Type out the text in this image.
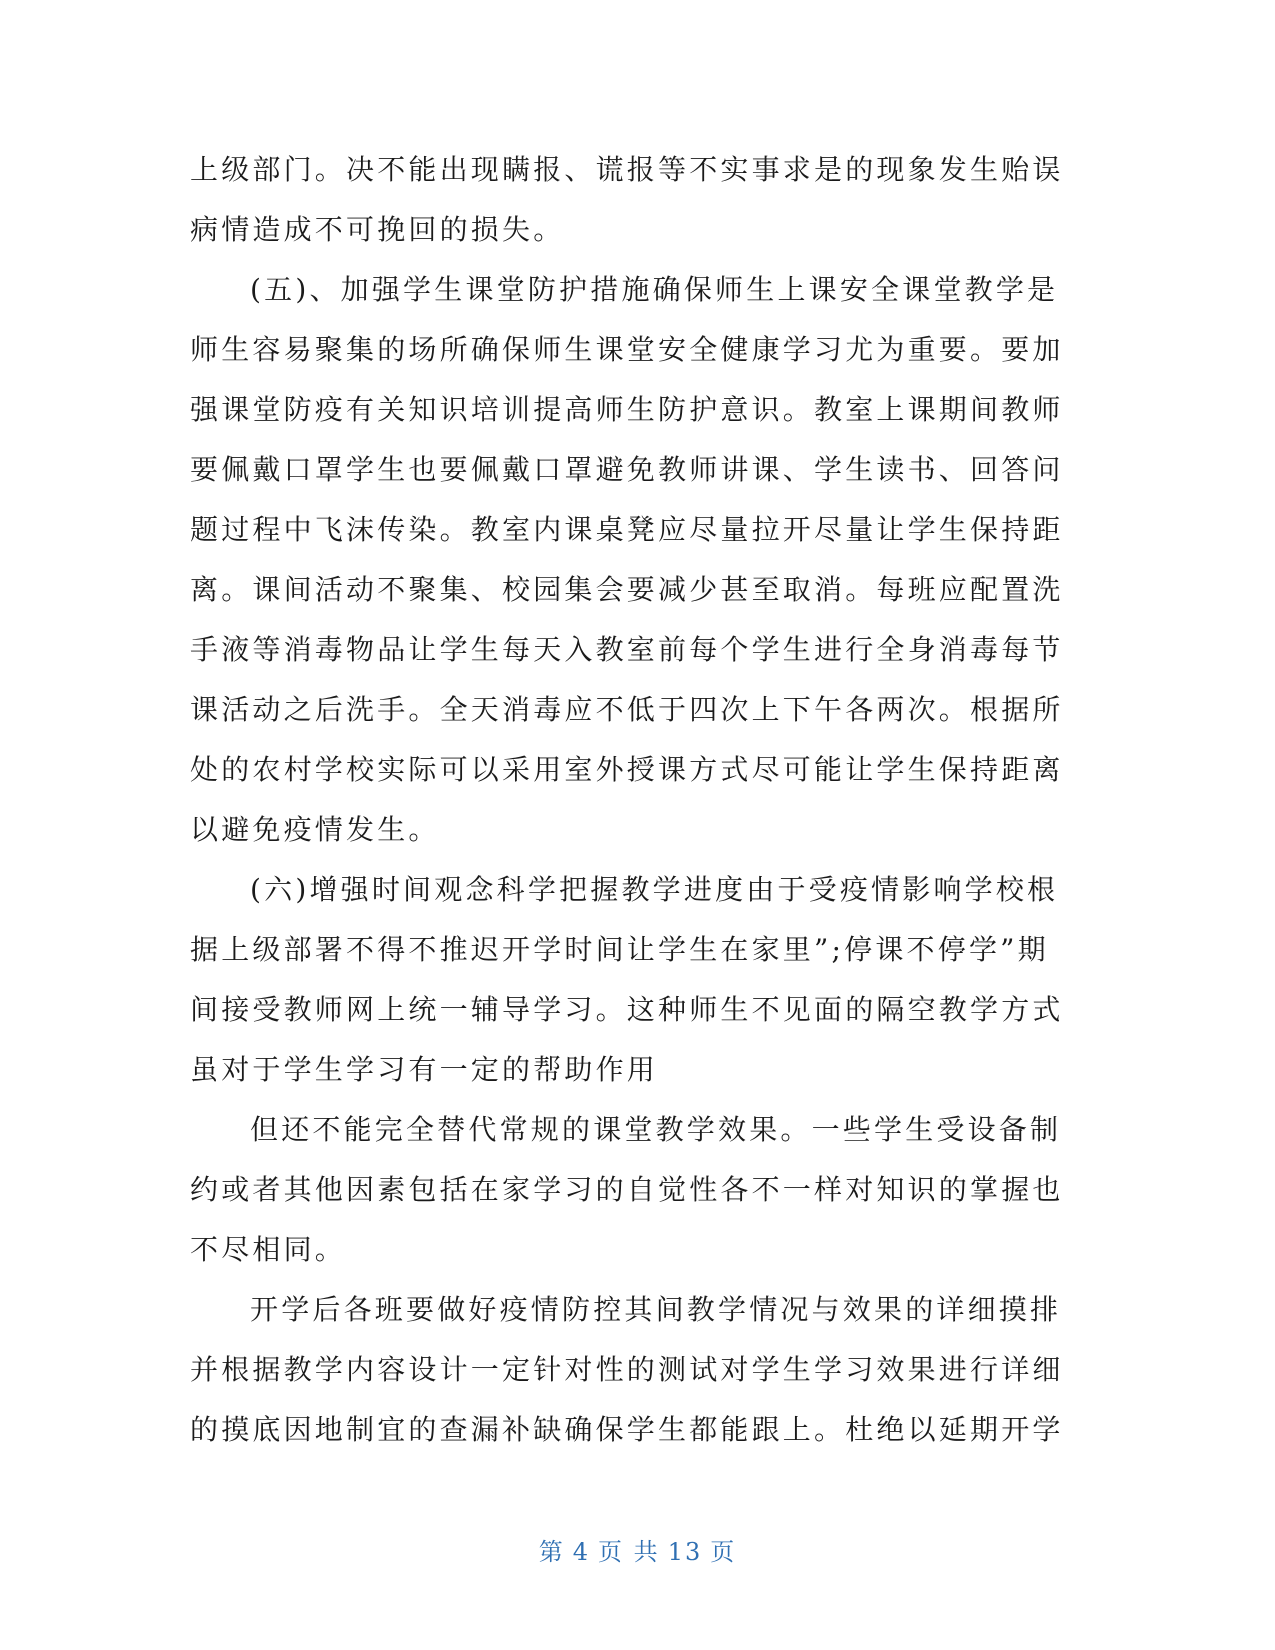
上级部门。决不能出现瞒报、谎报等不实事求是的现象发生贻误
病情造成不可挽回的损失。
(五)、加强学生课堂防护措施确保师生上课安全课堂教学是
师生容易聚集的场所确保师生课堂安全健康学习尤为重要。要加
强课堂防疫有关知识培训提高师生防护意识。教室上课期间教师
要佩戴口罩学生也要佩戴口罩避免教师讲课、学生读书、回答问
题过程中飞沫传染。教室内课桌凳应尽量拉开尽量让学生保持距
离。课间活动不聚集、校园集会要减少甚至取消。每班应配置洗
手液等消毒物品让学生每天入教室前每个学生进行全身消毒每节
课活动之后洗手。全天消毒应不低于四次上下午各两次。根据所
处的农村学校实际可以采用室外授课方式尽可能让学生保持距离
以避免疫情发生。
(六)增强时间观念科学把握教学进度由于受疫情影响学校根
据上级部署不得不推迟开学时间让学生在家里”;停课不停学”期
间接受教师网上统一辅导学习。这种师生不见面的隔空教学方式
虽对于学生学习有一定的帮助作用
但还不能完全替代常规的课堂教学效果。一些学生受设备制
约或者其他因素包括在家学习的自觉性各不一样对知识的掌握也
不尽相同。
开学后各班要做好疫情防控其间教学情况与效果的详细摸排
并根据教学内容设计一定针对性的测试对学生学习效果进行详细
的摸底因地制宜的查漏补缺确保学生都能跟上。杜绝以延期开学
第 4 页 共 13 页
